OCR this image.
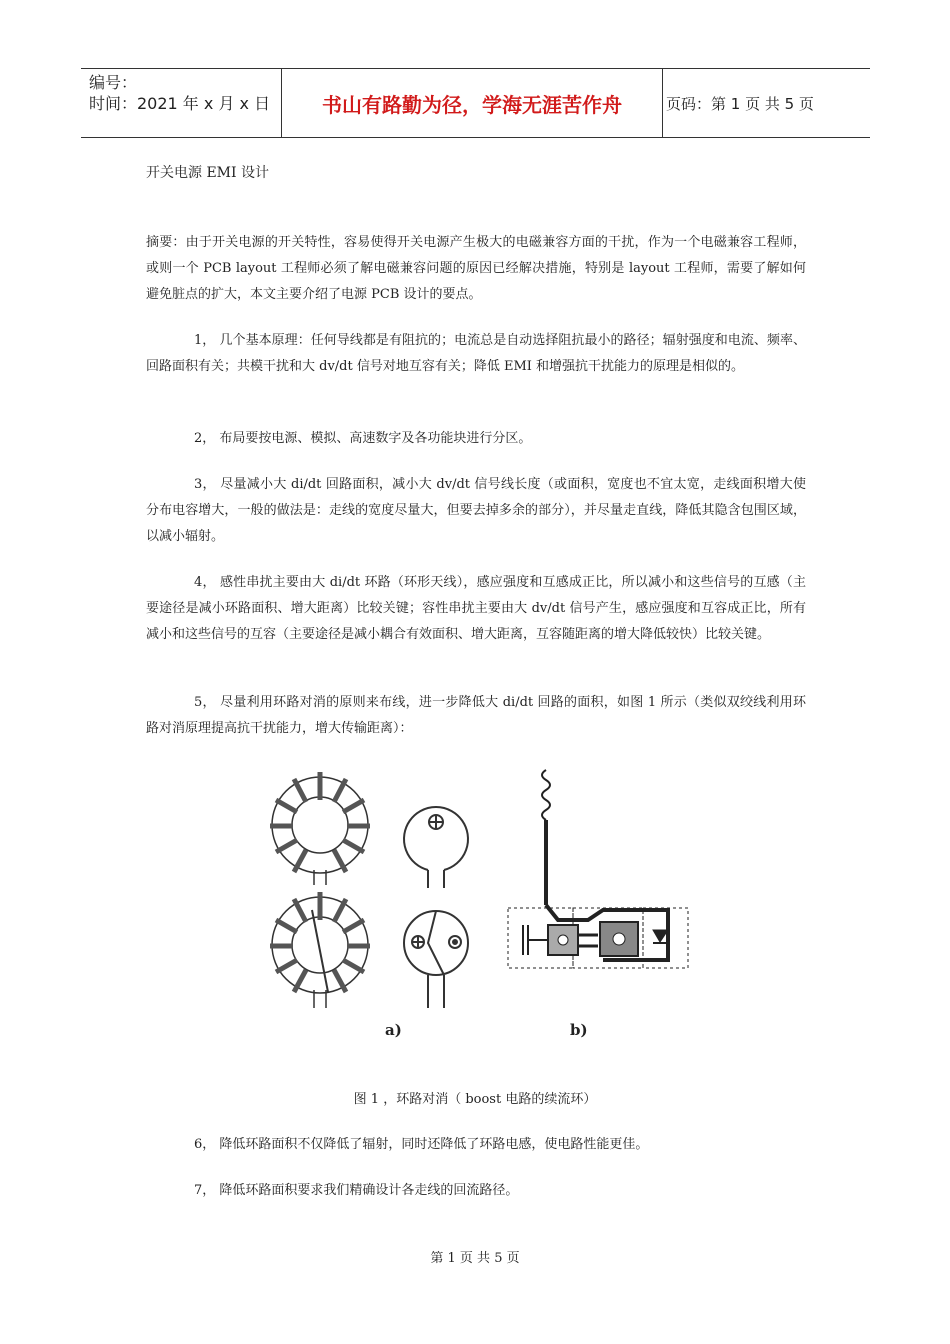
编号：
时间：2021 年 x 月 x 日	书山有路勤为径，学海无涯苦作舟	页码：第 1 页 共 5 页
开关电源 EMI 设计
摘要：由于开关电源的开关特性，容易使得开关电源产生极大的电磁兼容方面的干扰，作为一个电磁兼容工程师，或则一个 PCB layout 工程师必须了解电磁兼容问题的原因已经解决措施，特别是 layout 工程师，需要了解如何避免脏点的扩大，本文主要介绍了电源 PCB 设计的要点。
1， 几个基本原理：任何导线都是有阻抗的；电流总是自动选择阻抗最小的路径；辐射强度和电流、频率、回路面积有关；共模干扰和大 dv/dt 信号对地互容有关；降低 EMI 和增强抗干扰能力的原理是相似的。
2， 布局要按电源、模拟、高速数字及各功能块进行分区。
3， 尽量减小大 di/dt 回路面积，减小大 dv/dt 信号线长度（或面积，宽度也不宜太宽，走线面积增大使分布电容增大，一般的做法是：走线的宽度尽量大，但要去掉多余的部分），并尽量走直线，降低其隐含包围区域，以减小辐射。
4， 感性串扰主要由大 di/dt 环路（环形天线），感应强度和互感成正比，所以减小和这些信号的互感（主要途径是减小环路面积、增大距离）比较关键；容性串扰主要由大 dv/dt 信号产生，感应强度和互容成正比，所有减小和这些信号的互容（主要途径是减小耦合有效面积、增大距离，互容随距离的增大降低较快）比较关键。
5， 尽量利用环路对消的原则来布线，进一步降低大 di/dt 回路的面积，如图 1 所示（类似双绞线利用环路对消原理提高抗干扰能力，增大传输距离）：
a)	b)
图 1 ，环路对消（ boost 电路的续流环）
6， 降低环路面积不仅降低了辐射，同时还降低了环路电感，使电路性能更佳。
7， 降低环路面积要求我们精确设计各走线的回流路径。
第 1 页 共 5 页
